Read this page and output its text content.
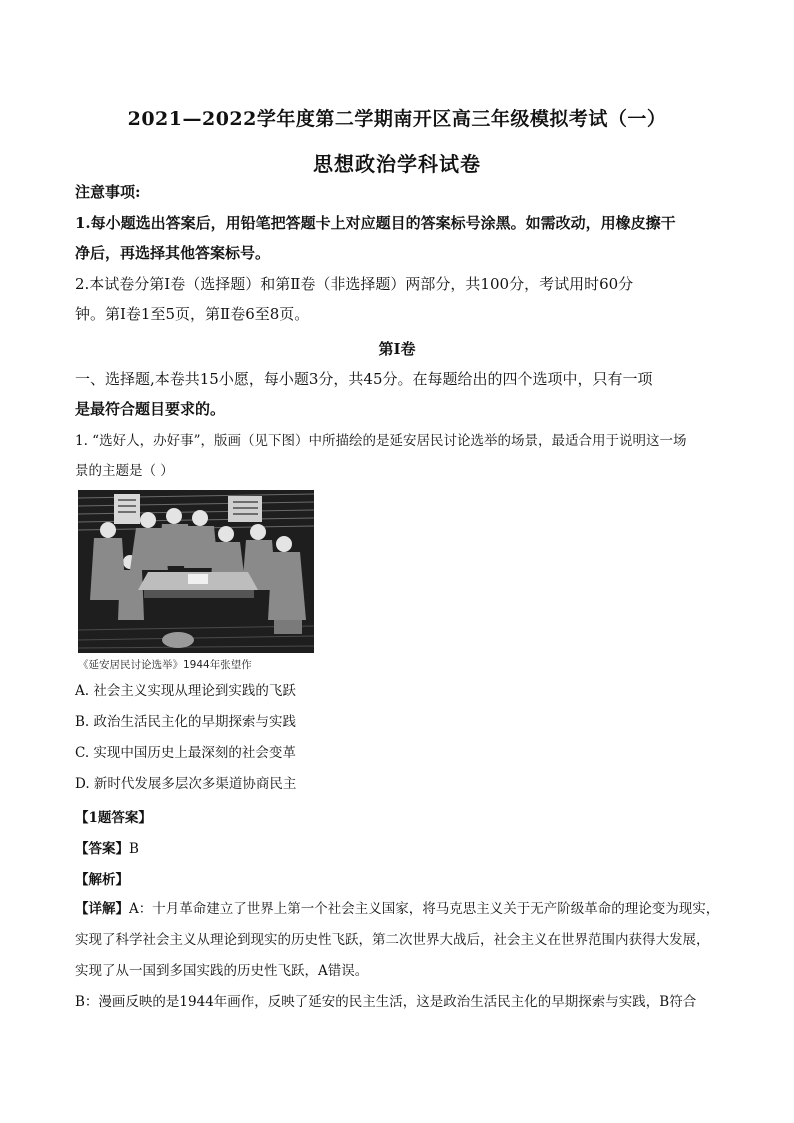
2021—2022学年度第二学期南开区高三年级模拟考试（一）
思想政治学科试卷
注意事项:
1.每小题选出答案后，用铅笔把答题卡上对应题目的答案标号涂黑。如需改动，用橡皮擦干
净后，再选择其他答案标号。
2.本试卷分第Ⅰ卷（选择题）和第Ⅱ卷（非选择题）两部分，共100分，考试用时60分
钟。第Ⅰ卷1至5页，第Ⅱ卷6至8页。
第Ⅰ卷
一、选择题,本卷共15小愿，每小题3分，共45分。在每题给出的四个选项中，只有一项
是最符合题目要求的。
1. “选好人，办好事”，版画（见下图）中所描绘的是延安居民讨论选举的场景，最适合用于说明这一场
景的主题是（ ）
《延安居民讨论选举》1944年张望作
A. 社会主义实现从理论到实践的飞跃
B. 政治生活民主化的早期探索与实践
C. 实现中国历史上最深刻的社会变革
D. 新时代发展多层次多渠道协商民主
【1题答案】
【答案】B
【解析】
【详解】A：十月革命建立了世界上第一个社会主义国家，将马克思主义关于无产阶级革命的理论变为现实，
实现了科学社会主义从理论到现实的历史性飞跃，第二次世界大战后，社会主义在世界范围内获得大发展，
实现了从一国到多国实践的历史性飞跃，A错误。
B：漫画反映的是1944年画作，反映了延安的民主生活，这是政治生活民主化的早期探索与实践，B符合
